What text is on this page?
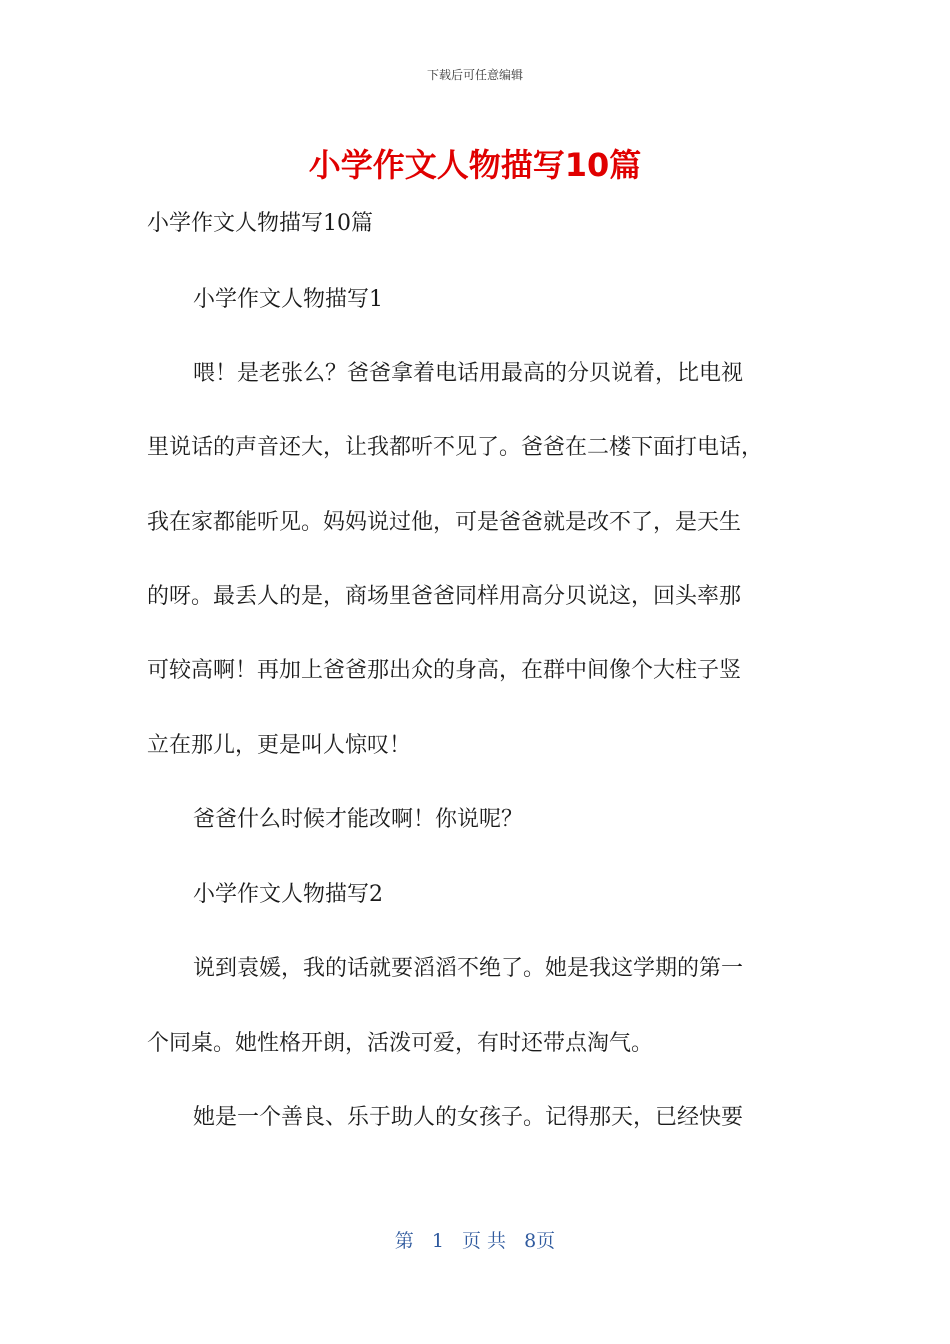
下载后可任意编辑
小学作文人物描写10篇
小学作文人物描写10篇
小学作文人物描写1
喂！是老张么？爸爸拿着电话用最高的分贝说着，比电视
里说话的声音还大，让我都听不见了。爸爸在二楼下面打电话，
我在家都能听见。妈妈说过他，可是爸爸就是改不了，是天生
的呀。最丢人的是，商场里爸爸同样用高分贝说这，回头率那
可较高啊！再加上爸爸那出众的身高，在群中间像个大柱子竖
立在那儿，更是叫人惊叹！
爸爸什么时候才能改啊！你说呢？
小学作文人物描写2
说到袁媛，我的话就要滔滔不绝了。她是我这学期的第一
个同桌。她性格开朗，活泼可爱，有时还带点淘气。
她是一个善良、乐于助人的女孩子。记得那天，已经快要
第 1 页 共 8页
